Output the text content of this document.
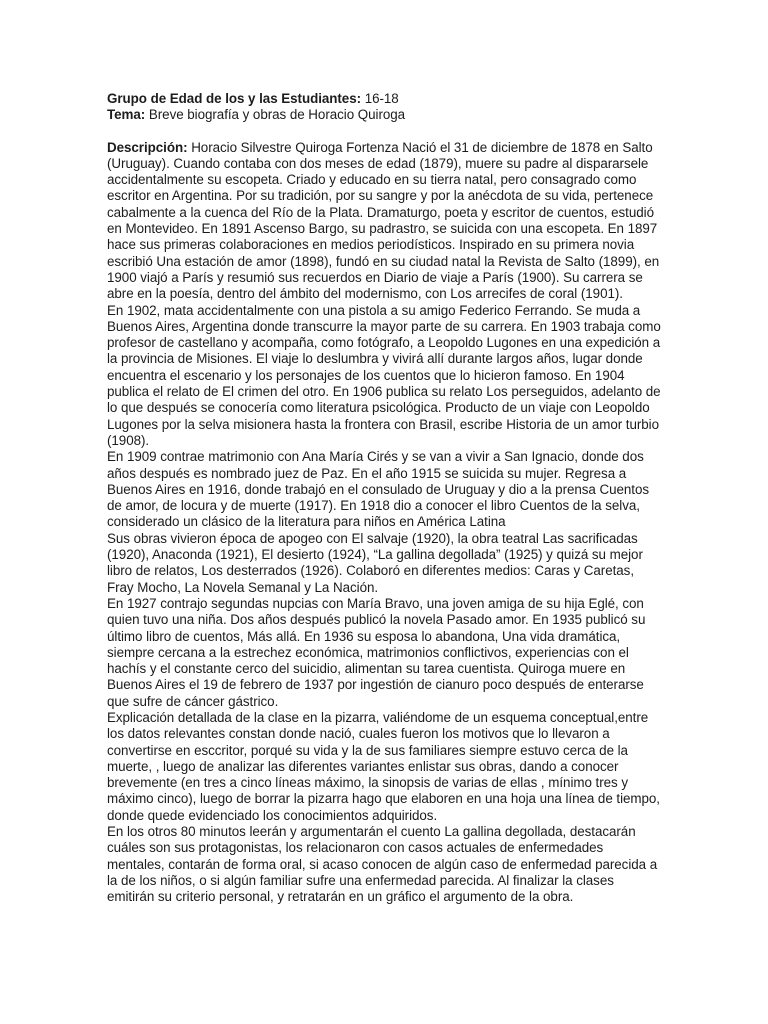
Grupo de Edad de los y las Estudiantes: 16-18

Tema: Breve biografía y obras de Horacio Quiroga

Descripción: Horacio Silvestre Quiroga Fortenza Nació el 31 de diciembre de 1878 en Salto (Uruguay). Cuando contaba con dos meses de edad (1879), muere su padre al dispararsele accidentalmente su escopeta. Criado y educado en su tierra natal, pero consagrado como escritor en Argentina. Por su tradición, por su sangre y por la anécdota de su vida, pertenece cabalmente a la cuenca del Río de la Plata. Dramaturgo, poeta y escritor de cuentos, estudió en Montevideo. En 1891 Ascenso Bargo, su padrastro, se suicida con una escopeta. En 1897 hace sus primeras colaboraciones en medios periodísticos. Inspirado en su primera novia escribió Una estación de amor (1898), fundó en su ciudad natal la Revista de Salto (1899), en 1900 viajó a París y resumió sus recuerdos en Diario de viaje a París (1900). Su carrera se abre en la poesía, dentro del ámbito del modernismo, con Los arrecifes de coral (1901).

En 1902, mata accidentalmente con una pistola a su amigo Federico Ferrando. Se muda a Buenos Aires, Argentina donde transcurre la mayor parte de su carrera. En 1903 trabaja como profesor de castellano y acompaña, como fotógrafo, a Leopoldo Lugones en una expedición a la provincia de Misiones. El viaje lo deslumbra y vivirá allí durante largos años, lugar donde encuentra el escenario y los personajes de los cuentos que lo hicieron famoso. En 1904 publica el relato de El crimen del otro. En 1906 publica su relato Los perseguidos, adelanto de lo que después se conocería como literatura psicológica. Producto de un viaje con Leopoldo Lugones por la selva misionera hasta la frontera con Brasil, escribe Historia de un amor turbio (1908).

En 1909 contrae matrimonio con Ana María Cirés y se van a vivir a San Ignacio, donde dos años después es nombrado juez de Paz. En el año 1915 se suicida su mujer. Regresa a Buenos Aires en 1916, donde trabajó en el consulado de Uruguay y dio a la prensa Cuentos de amor, de locura y de muerte (1917). En 1918 dio a conocer el libro Cuentos de la selva, considerado un clásico de la literatura para niños en América Latina

Sus obras vivieron época de apogeo con El salvaje (1920), la obra teatral Las sacrificadas (1920), Anaconda (1921), El desierto (1924), “La gallina degollada” (1925) y quizá su mejor libro de relatos, Los desterrados (1926). Colaboró en diferentes medios: Caras y Caretas, Fray Mocho, La Novela Semanal y La Nación.

En 1927 contrajo segundas nupcias con María Bravo, una joven amiga de su hija Eglé, con quien tuvo una niña. Dos años después publicó la novela Pasado amor. En 1935 publicó su último libro de cuentos, Más allá. En 1936 su esposa lo abandona, Una vida dramática, siempre cercana a la estrechez económica, matrimonios conflictivos, experiencias con el hachís y el constante cerco del suicidio, alimentan su tarea cuentista. Quiroga muere en Buenos Aires el 19 de febrero de 1937 por ingestión de cianuro poco después de enterarse que sufre de cáncer gástrico.

Explicación detallada de la clase en la pizarra, valiéndome de un esquema conceptual,entre los datos relevantes constan donde nació, cuales fueron los motivos que lo llevaron a convertirse en esccritor, porqué su vida y la de sus familiares siempre estuvo cerca de la muerte, , luego de analizar las diferentes variantes enlistar sus obras, dando a conocer brevemente (en tres a cinco líneas máximo, la sinopsis de varias de ellas , mínimo tres y máximo cinco), luego de borrar la pizarra hago que elaboren en una hoja una línea de tiempo, donde quede evidenciado los conocimientos adquiridos.

En los otros 80 minutos leerán y argumentarán el cuento La gallina degollada, destacarán cuáles son sus protagonistas, los relacionaron con casos actuales de enfermedades mentales, contarán de forma oral, si acaso conocen de algún caso de enfermedad parecida a la de los niños, o si algún familiar sufre una enfermedad parecida. Al finalizar la clases emitirán su criterio personal, y retratarán en un gráfico el argumento de la obra.
